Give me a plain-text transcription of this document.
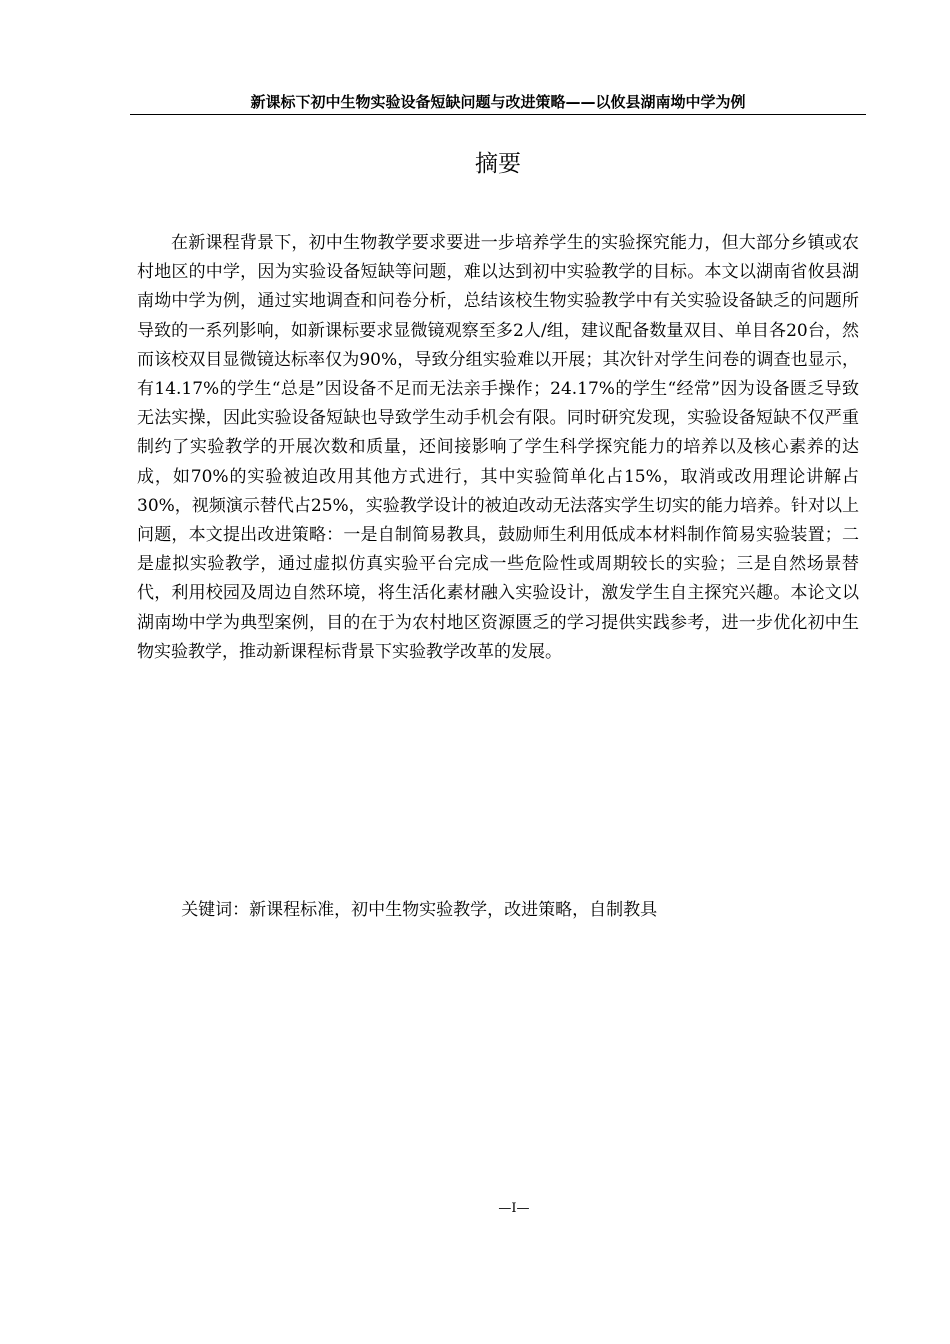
新课标下初中生物实验设备短缺问题与改进策略——以攸县湖南坳中学为例
摘要

在新课程背景下，初中生物教学要求要进一步培养学生的实验探究能力，但大部分乡镇或农村地区的中学，因为实验设备短缺等问题，难以达到初中实验教学的目标。本文以湖南省攸县湖南坳中学为例，通过实地调查和问卷分析，总结该校生物实验教学中有关实验设备缺乏的问题所导致的一系列影响，如新课标要求显微镜观察至多2人/组，建议配备数量双目、单目各20台，然而该校双目显微镜达标率仅为90%，导致分组实验难以开展；其次针对学生问卷的调查也显示， 有14.17%的学生“总是”因设备不足而无法亲手操作；24.17%的学生“经常”因为设备匮乏导致无法实操，因此实验设备短缺也导致学生动手机会有限。同时研究发现，实验设备短缺不仅严重制约了实验教学的开展次数和质量，还间接影响了学生科学探究能力的培养以及核心素养的达成，如70%的实验被迫改用其他方式进行，其中实验简单化占15%，取消或改用理论讲解占30%，视频演示替代占25%，实验教学设计的被迫改动无法落实学生切实的能力培养。针对以上问题，本文提出改进策略：一是自制简易教具，鼓励师生利用低成本材料制作简易实验装置；二是虚拟实验教学，通过虚拟仿真实验平台完成一些危险性或周期较长的实验；三是自然场景替代，利用校园及周边自然环境，将生活化素材融入实验设计，激发学生自主探究兴趣。本论文以湖南坳中学为典型案例，目的在于为农村地区资源匮乏的学习提供实践参考，进一步优化初中生物实验教学，推动新课程标背景下实验教学改革的发展。

关键词：新课程标准，初中生物实验教学，改进策略，自制教具

—I—
